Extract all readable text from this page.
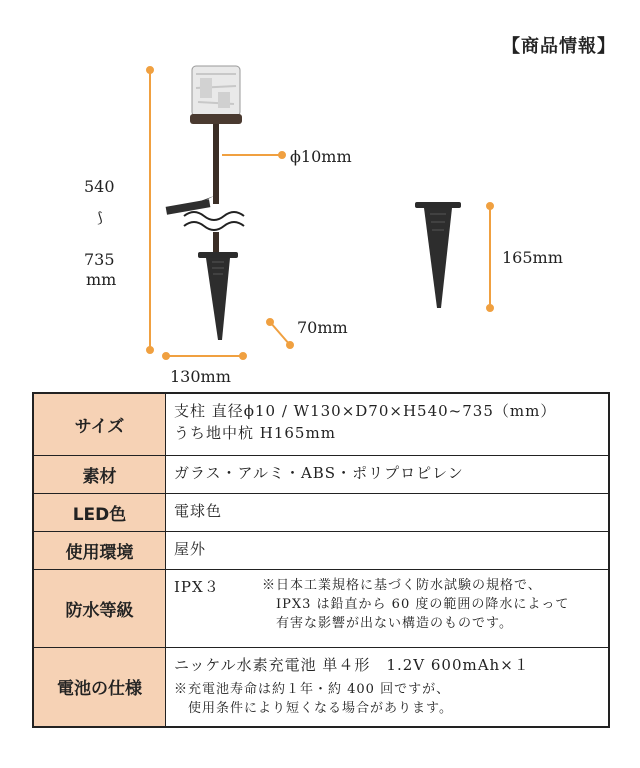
【商品情報】
540
⟆
735
mm
ϕ10mm
70mm
130mm
165mm
サイズ	支柱 直径ϕ10 / W130×D70×H540~735（mm）
うち地中杭 H165mm

素材	ガラス・アルミ・ABS・ポリプロピレン
LED色	電球色
使用環境	屋外
防水等級	IPX３ ※日本工業規格に基づく防水試験の規格で、
IPX3 は鉛直から 60 度の範囲の降水によって
有害な影響が出ない構造のものです。

電池の仕様	ニッケル水素充電池 単４形　1.2V 600mAh×１
※充電池寿命は約１年・約 400 回ですが、
使用条件により短くなる場合があります。
